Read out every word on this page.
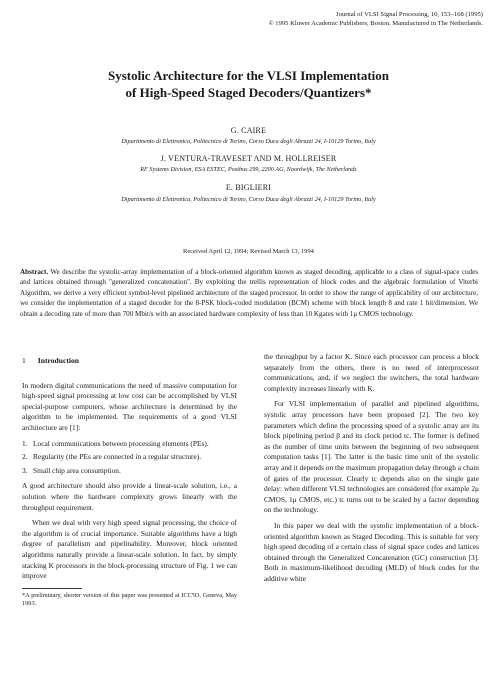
Journal of VLSI Signal Processing, 10, 153–168 (1995)
© 1995 Kluwer Academic Publishers, Boston. Manufactured in The Netherlands.
Systolic Architecture for the VLSI Implementation
of High-Speed Staged Decoders/Quantizers*
G. CAIRE
Dipartimento di Elettronica, Politecnico di Torino, Corso Duca degli Abruzzi 24, I-10129 Torino, Italy
J. VENTURA-TRAVESET AND M. HOLLREISER
RF Systems Division, ESA ESTEC, Postbus 299, 2200 AG, Noordwijk, The Netherlands
E. BIGLIERI
Dipartimento di Elettronica, Politecnico di Torino, Corso Duca degli Abruzzi 24, I-10129 Torino, Italy
Received April 12, 1994; Revised March 13, 1994
Abstract. We describe the systolic-array implementation of a block-oriented algorithm known as staged decoding, applicable to a class of signal-space codes and lattices obtained through "generalized concatenation". By exploiting the trellis representation of block codes and the algebraic formulation of Viterbi Algorithm, we derive a very efficient symbol-level pipelined architecture of the staged processor. In order to show the range of applicability of our architecture, we consider the implementation of a staged decoder for the 8-PSK block-coded modulation (BCM) scheme with block length 8 and rate 1 bit/dimension. We obtain a decoding rate of more than 700 Mbit/s with an associated hardware complexity of less than 10 Kgates with 1μ CMOS technology.
1 Introduction

In modern digital communications the need of massive computation for high-speed signal processing at low cost can be accomplished by VLSI special-purpose computers, whose architecture is determined by the algorithm to be implemented. The requirements of a good VLSI architecture are [1]:

1. Local communications between processing elements (PEs).
2. Regularity (the PEs are connected in a regular structure).
3. Small chip area consumption.

A good architecture should also provide a linear-scale solution, i.e., a solution where the hardware complexity grows linearly with the throughput requirement.

When we deal with very high speed signal processing, the choice of the algorithm is of crucial importance. Suitable algorithms have a high degree of parallelism and pipelinability. Moreover, block oriented algorithms naturally provide a linear-scale solution. In fact, by simply stacking K processors in the block-processing structure of Fig. 1 we can improve

*A preliminary, shorter version of this paper was presented at ICC'93, Geneva, May 1993.

the throughput by a factor K. Since each processor can process a block separately from the others, there is no need of interprocessor communications, and, if we neglect the switchers, the total hardware complexity increases linearly with K.

For VLSI implementation of parallel and pipelined algorithms, systolic array processors have been proposed [2]. The two key parameters which define the processing speed of a systolic array are its block pipelining period β and its clock period tc. The former is defined as the number of time units between the beginning of two subsequent computation tasks [1]. The latter is the basic time unit of the systolic array and it depends on the maximum propagation delay through a chain of gates of the processor. Clearly tc depends also on the single gate delay: when different VLSI technologies are considered (for example 2μ CMOS, 1μ CMOS, etc.) tc turns out to be scaled by a factor depending on the technology.

In this paper we deal with the systolic implementation of a block-oriented algorithm known as Staged Decoding. This is suitable for very high speed decoding of a certain class of signal space codes and lattices obtained through the Generalized Concatenation (GC) construction [3]. Both in maximum-likelihood decoding (MLD) of block codes for the additive white
